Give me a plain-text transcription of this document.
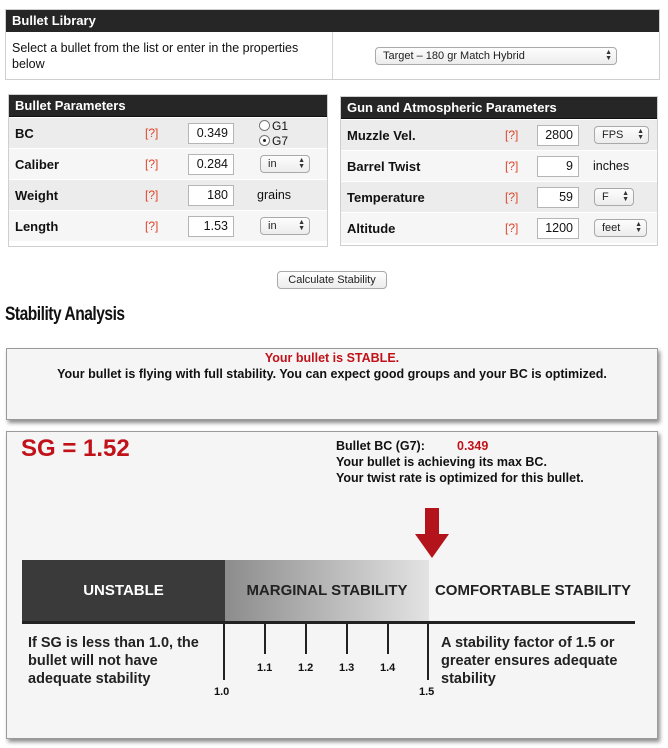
Bullet Library
Select a bullet from the list or enter in the properties below
Target – 180 gr Match Hybrid	▲
▼
Bullet Parameters
BC	[?]	0.349	G1
G7
Caliber	[?]	0.284	in	▲
▼
Weight	[?]	180	grains
Length	[?]	1.53	in	▲
▼
Gun and Atmospheric Parameters
Muzzle Vel.	[?]	2800	FPS ▲
▼
Barrel Twist	[?]	9	inches
Temperature	[?]	59	F ▲
▼
Altitude	[?]	1200	feet ▲
▼
Calculate Stability
Stability Analysis
Your bullet is STABLE.
Your bullet is flying with full stability. You can expect good groups and your BC is optimized.
SG = 1.52	Bullet BC (G7):	0.349
Your bullet is achieving its max BC.
Your twist rate is optimized for this bullet.
UNSTABLE	MARGINAL STABILITY	COMFORTABLE STABILITY
1.0
1.1 1.2 1.3 1.4
1.5
If SG is less than 1.0, the
bullet will not have
adequate stability
A stability factor of 1.5 or
greater ensures adequate
stability
